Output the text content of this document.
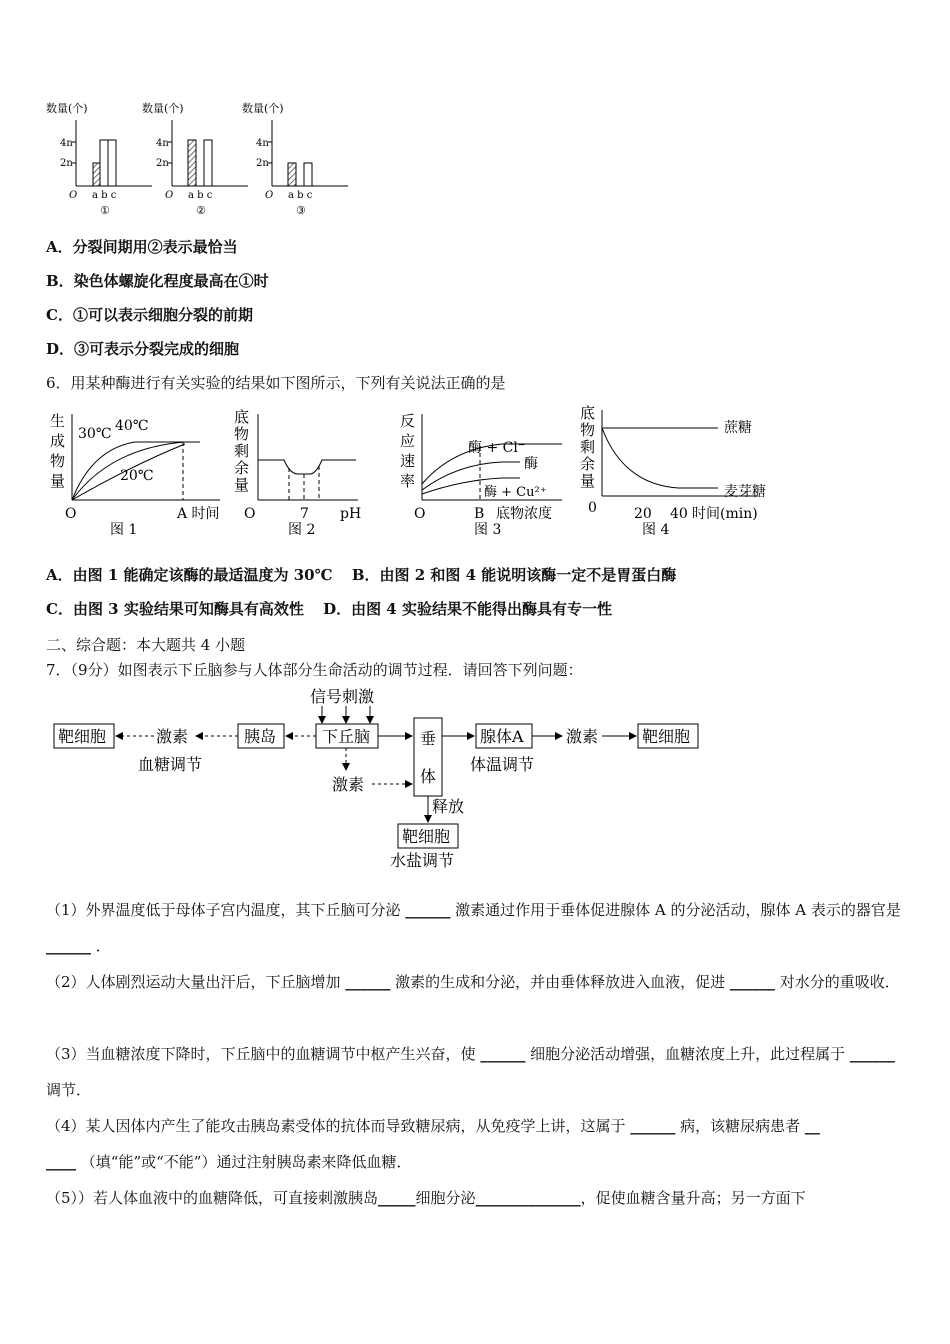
数量(个)
4n
2n
O a b c
①
数量(个)
4n
2n
O a b c
②
数量(个)
4n
2n
O a b c
③
A．分裂间期用②表示最恰当
B．染色体螺旋化程度最高在①时
C．①可以表示细胞分裂的前期
D．③可表示分裂完成的细胞
6．用某种酶进行有关实验的结果如下图所示，下列有关说法正确的是
生
成
物
量
30℃ 40℃
20℃
O	A 时间
图 1
底
物
剩
余
量
O	7 pH
图 2
反
应
速
率
酶 + Cl⁻
酶
酶 + Cu²⁺
O	B 底物浓度
图 3
底
物
剩
余
量
蔗糖
麦芽糖
0	20 40 时间(min)
图 4
A．由图 1 能确定该酶的最适温度为 30℃ B．由图 2 和图 4 能说明该酶一定不是胃蛋白酶
C．由图 3 实验结果可知酶具有高效性 D．由图 4 实验结果不能得出酶具有专一性
二、综合题：本大题共 4 小题
7．（9分）如图表示下丘脑参与人体部分生命活动的调节过程．请回答下列问题：
靶细胞	激素
血糖调节
胰岛
信号刺激
下丘脑
激素
垂
体
腺体A
体温调节
激素	靶细胞
释放
靶细胞
水盐调节
（1）外界温度低于母体子宫内温度，其下丘脑可分泌 ______ 激素通过作用于垂体促进腺体 A 的分泌活动，腺体 A 表示的器官是 ______ ．
（2）人体剧烈运动大量出汗后，下丘脑增加 ______ 激素的生成和分泌，并由垂体释放进入血液，促进 ______ 对水分的重吸收．
（3）当血糖浓度下降时，下丘脑中的血糖调节中枢产生兴奋，使 ______ 细胞分泌活动增强，血糖浓度上升，此过程属于 ______ 调节．
（4）某人因体内产生了能攻击胰岛素受体的抗体而导致糖尿病，从免疫学上讲，这属于 ______ 病，该糖尿病患者 __
____ （填“能”或“不能”）通过注射胰岛素来降低血糖．
（5））若人体血液中的血糖降低，可直接刺激胰岛_____细胞分泌______________，促使血糖含量升高；另一方面下
